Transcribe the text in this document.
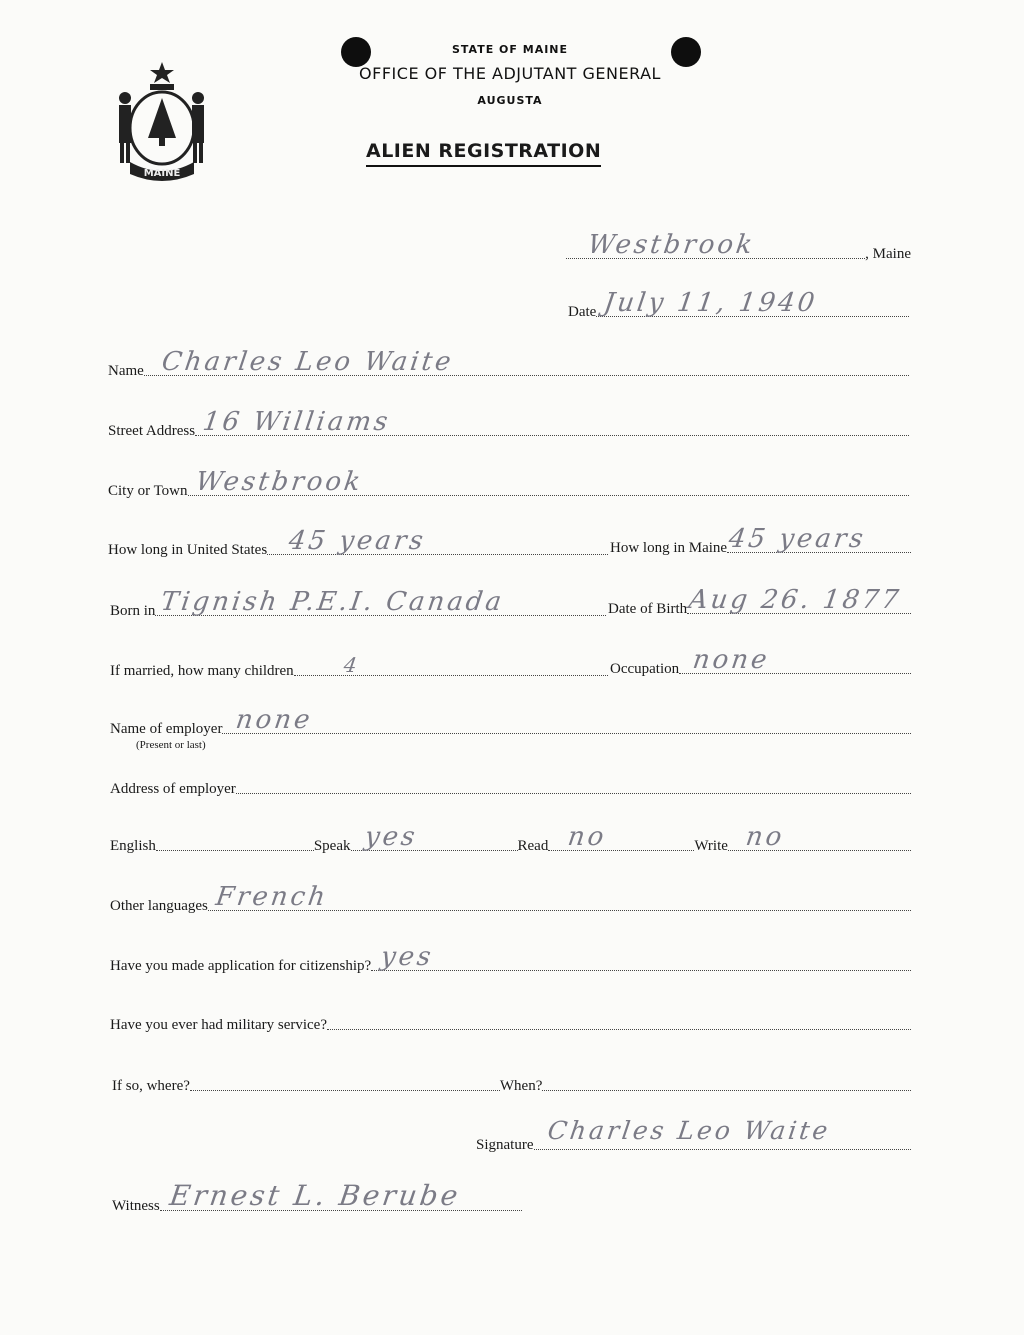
MAINE
STATE OF MAINE
OFFICE OF THE ADJUTANT GENERAL
AUGUSTA
ALIEN REGISTRATION
Westbrook	, Maine
Date July 11, 1940
Name Charles Leo Waite
Street Address 16 Williams
City or Town Westbrook
How long in United States 45 years	How long in Maine 45 years
Born in Tignish P.E.I. Canada	Date of Birth Aug 26. 1877
If married, how many children 4	Occupation none
Name of employer none
(Present or last)
Address of employer
English	Speak yes	Read no	Write no
Other languages French
Have you made application for citizenship? yes
Have you ever had military service?
If so, where?	When?
Signature Charles Leo Waite
Witness Ernest L. Berube
